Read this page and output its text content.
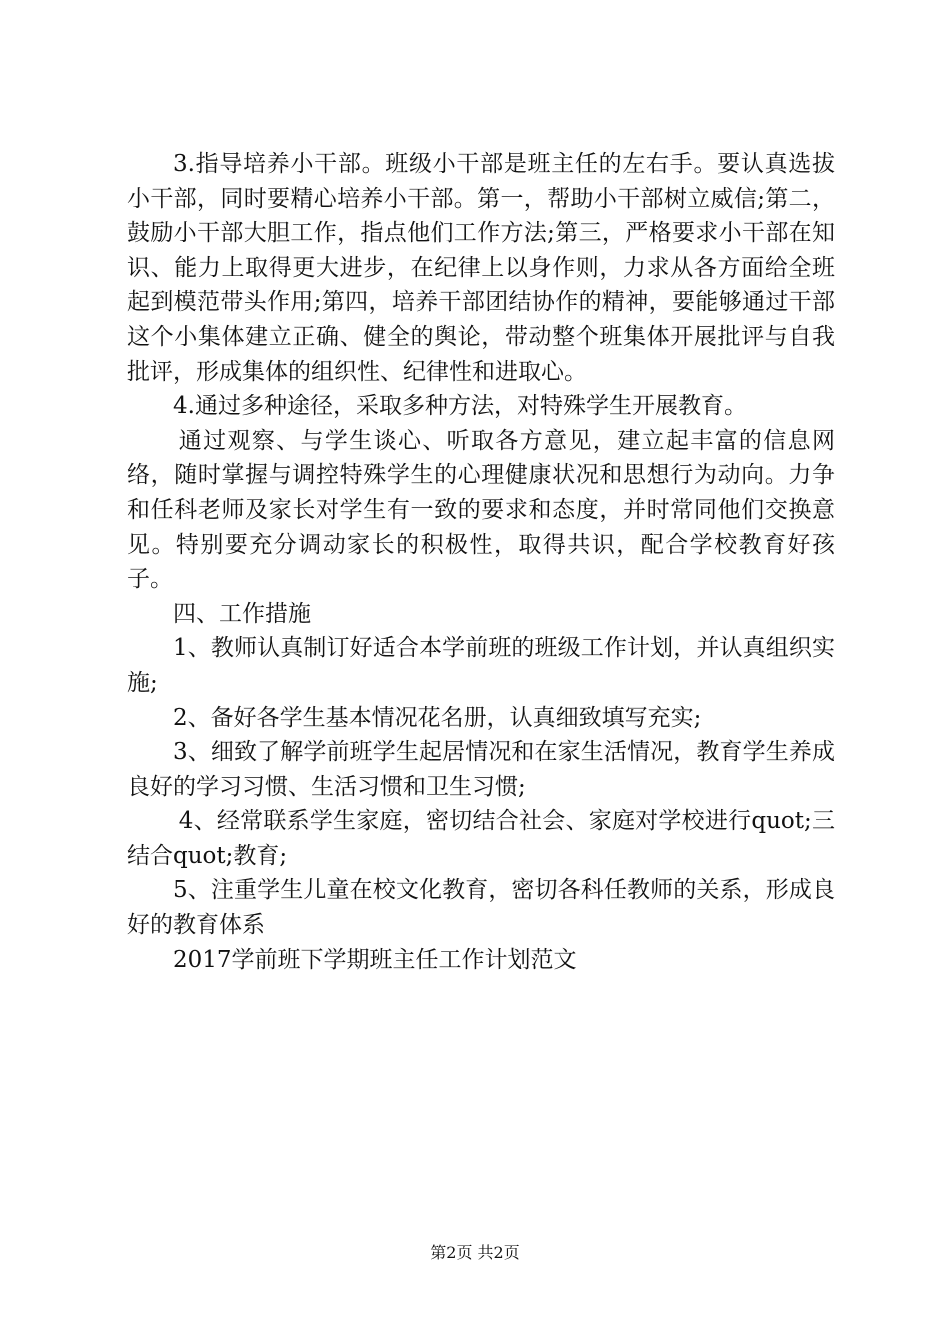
3.指导培养小干部。班级小干部是班主任的左右手。要认真选拔小干部，同时要精心培养小干部。第一，帮助小干部树立威信;第二，鼓励小干部大胆工作，指点他们工作方法;第三，严格要求小干部在知识、能力上取得更大进步，在纪律上以身作则，力求从各方面给全班起到模范带头作用;第四，培养干部团结协作的精神，要能够通过干部这个小集体建立正确、健全的舆论，带动整个班集体开展批评与自我批评，形成集体的组织性、纪律性和进取心。

4.通过多种途径，采取多种方法，对特殊学生开展教育。

通过观察、与学生谈心、听取各方意见，建立起丰富的信息网络，随时掌握与调控特殊学生的心理健康状况和思想行为动向。力争和任科老师及家长对学生有一致的要求和态度，并时常同他们交换意见。特别要充分调动家长的积极性，取得共识，配合学校教育好孩子。

四、工作措施

1、教师认真制订好适合本学前班的班级工作计划，并认真组织实施;

2、备好各学生基本情况花名册，认真细致填写充实;

3、细致了解学前班学生起居情况和在家生活情况，教育学生养成良好的学习习惯、生活习惯和卫生习惯;

4、经常联系学生家庭，密切结合社会、家庭对学校进行quot;三结合quot;教育;

5、注重学生儿童在校文化教育，密切各科任教师的关系，形成良好的教育体系

2017学前班下学期班主任工作计划范文

第2页 共2页
